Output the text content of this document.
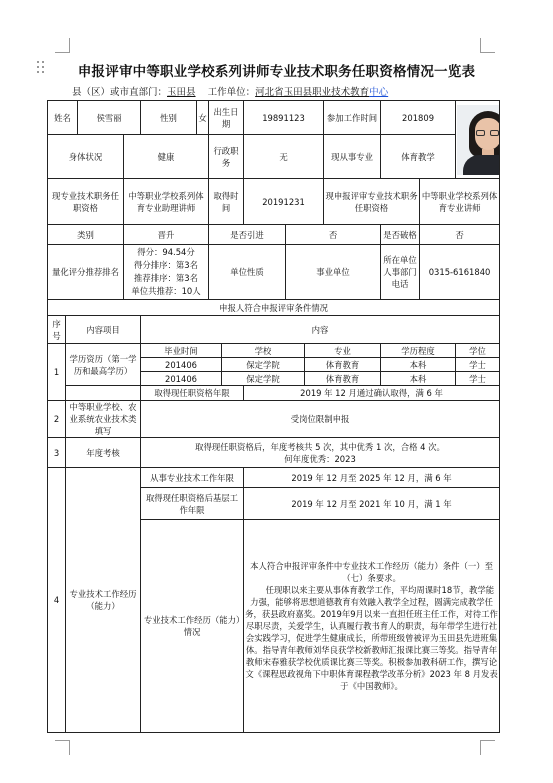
申报评审中等职业学校系列讲师专业技术职务任职资格情况一览表
县（区）或市直部门：玉田县 工作单位：河北省玉田县职业技术教育中心
姓名		侯雪丽		性别	女	出生日期		19891123			参加工作时间	201809		

身体状况			健康			行政职务		无			现从事专业	体育教学		
现专业技术职务任职资格			中等职业学校系列体育专业助理讲师			取得时间		20191231			现申报评审专业技术职务任职资格		中等职业学校系列体育专业讲师	
类别			晋升			是否引进			否			是否破格	否	
量化评分推荐排名			得分：94.54分
得分排序：第3名
推荐排序：第3名
单位共推荐：10人			单位性质			事业单位			所在单位人事部门电话	0315-6161840	
申报人符合申报评审条件情况														
序号	内容项目			内容										
1	学历资历（第一学历和最高学历）			毕业时间			学校			专业		学历程度		学位
				201406			保定学院			体育教育		本科		学士
				201406			保定学院			体育教育		本科		学士
				取得现任职资格年限				2019 年 12 月通过确认取得，满 6 年						
2	中等职业学校、农业系统农业技术类填写			受岗位限制申报										
3	年度考核			取得现任职资格后，年度考核共 5 次，其中优秀 1 次，合格 4 次。
何年度优秀：2023										

4	专业技术工作经历（能力）			从事专业技术工作年限				2019 年 12 月至 2025 年 12 月，满 6 年						
				取得现任职资格后基层工作年限				2019 年 12 月至 2021 年 10 月，满 1 年						
				专业技术工作经历（能力）情况				本人符合申报评审条件中专业技术工作经历（能力）条件（一）至（七）条要求。
　　任现职以来主要从事体育教学工作，平均周课时18节，教学能力强，能够将思想道德教育有效融入教学全过程，圆满完成教学任务，获县政府嘉奖。2019年9月以来一直担任班主任工作，对待工作尽职尽责，关爱学生，认真履行教书育人的职责，每年带学生进行社会实践学习，促进学生健康成长，所带班级曾被评为玉田县先进班集体。指导青年教师刘华良获学校新教师汇报课比赛三等奖。指导青年教师宋春雅获学校优质课比赛三等奖。积极参加教科研工作，撰写论文《课程思政视角下中职体育课程教学改革分析》2023 年 8 月发表于《中国教师》。						
